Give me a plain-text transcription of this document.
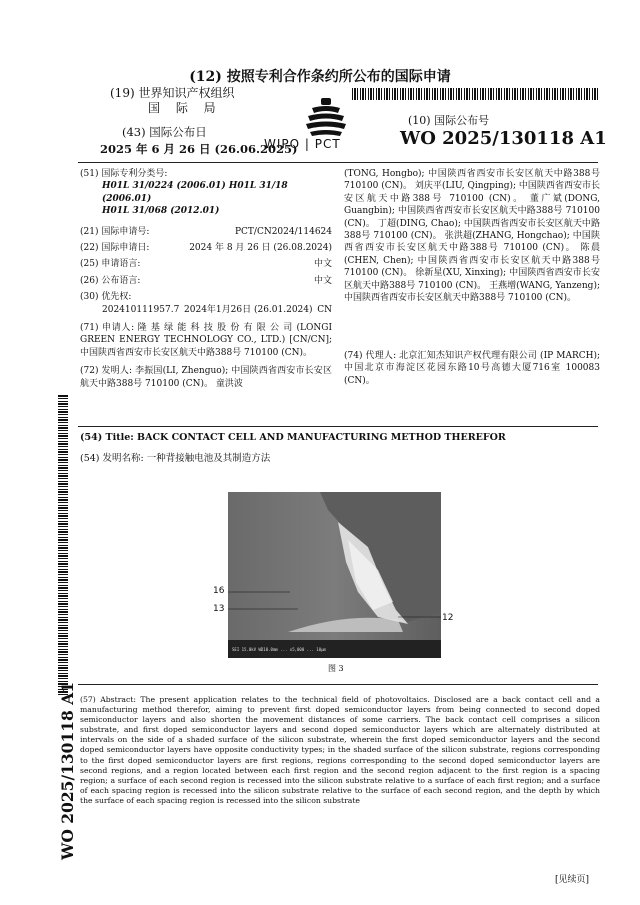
(12) 按照专利合作条约所公布的国际申请
(19) 世界知识产权组织
国 际 局
(43) 国际公布日
2025 年 6 月 26 日 (26.06.2025)
WIPO | PCT
(10) 国际公布号
WO 2025/130118 A1
(51) 国际专利分类号:
H01L 31/0224 (2006.01) H01L 31/18 (2006.01)
H01L 31/068 (2012.01)
(21) 国际申请号:	PCT/CN2024/114624
(22) 国际申请日:	2024 年 8 月 26 日 (26.08.2024)
(25) 申请语言:	中文
(26) 公布语言:	中文
(30) 优先权:
202410111957.7 2024年1月26日 (26.01.2024) CN
(71) 申请人: 隆 基 绿 能 科 技 股 份 有 限 公 司 (LONGI GREEN ENERGY TECHNOLOGY CO., LTD.) [CN/CN]; 中国陕西省西安市长安区航天中路388号 710100 (CN)。
(72) 发明人: 李振国(LI, Zhenguo); 中国陕西省西安市长安区航天中路388号 710100 (CN)。 童洪波
(TONG, Hongbo); 中国陕西省西安市长安区航天中路388号 710100 (CN)。 刘庆平(LIU, Qingping); 中国陕西省西安市长安区航天中路388号 710100 (CN)。 董广斌(DONG, Guangbin); 中国陕西省西安市长安区航天中路388号 710100 (CN)。 丁超(DING, Chao); 中国陕西省西安市长安区航天中路388号 710100 (CN)。 张洪超(ZHANG, Hongchao); 中国陕西省西安市长安区航天中路388号 710100 (CN)。 陈晨(CHEN, Chen); 中国陕西省西安市长安区航天中路388号 710100 (CN)。 徐新星(XU, Xinxing); 中国陕西省西安市长安区航天中路388号 710100 (CN)。 王燕增(WANG, Yanzeng); 中国陕西省西安市长安区航天中路388号 710100 (CN)。
(74) 代理人: 北京汇知杰知识产权代理有限公司 (IP MARCH); 中国北京市海淀区花园东路10号高德大厦716室 100083 (CN)。
(54) Title: BACK CONTACT CELL AND MANUFACTURING METHOD THEREFOR
(54) 发明名称: 一种背接触电池及其制造方法
SEI 15.0kV WD10.0mm ... x5,000 ... 10μm
16
13
12
图 3
(57) Abstract: The present application relates to the technical field of photovoltaics. Disclosed are a back contact cell and a manufacturing method therefor, aiming to prevent first doped semiconductor layers from being connected to second doped semiconductor layers and also shorten the movement distances of some carriers. The back contact cell comprises a silicon substrate, and first doped semiconductor layers and second doped semiconductor layers which are alternately distributed at intervals on the side of a shaded surface of the silicon substrate, wherein the first doped semiconductor layers and the second doped semiconductor layers have opposite conductivity types; in the shaded surface of the silicon substrate, regions corresponding to the first doped semiconductor layers are first regions, regions corresponding to the second doped semiconductor layers are second regions, and a region located between each first region and the second region adjacent to the first region is a spacing region; a surface of each second region is recessed into the silicon substrate relative to a surface of each first region; and a surface of each spacing region is recessed into the silicon substrate relative to the surface of each second region, and the depth by which the surface of each spacing region is recessed into the silicon substrate
WO 2025/130118 A1
[见续页]
